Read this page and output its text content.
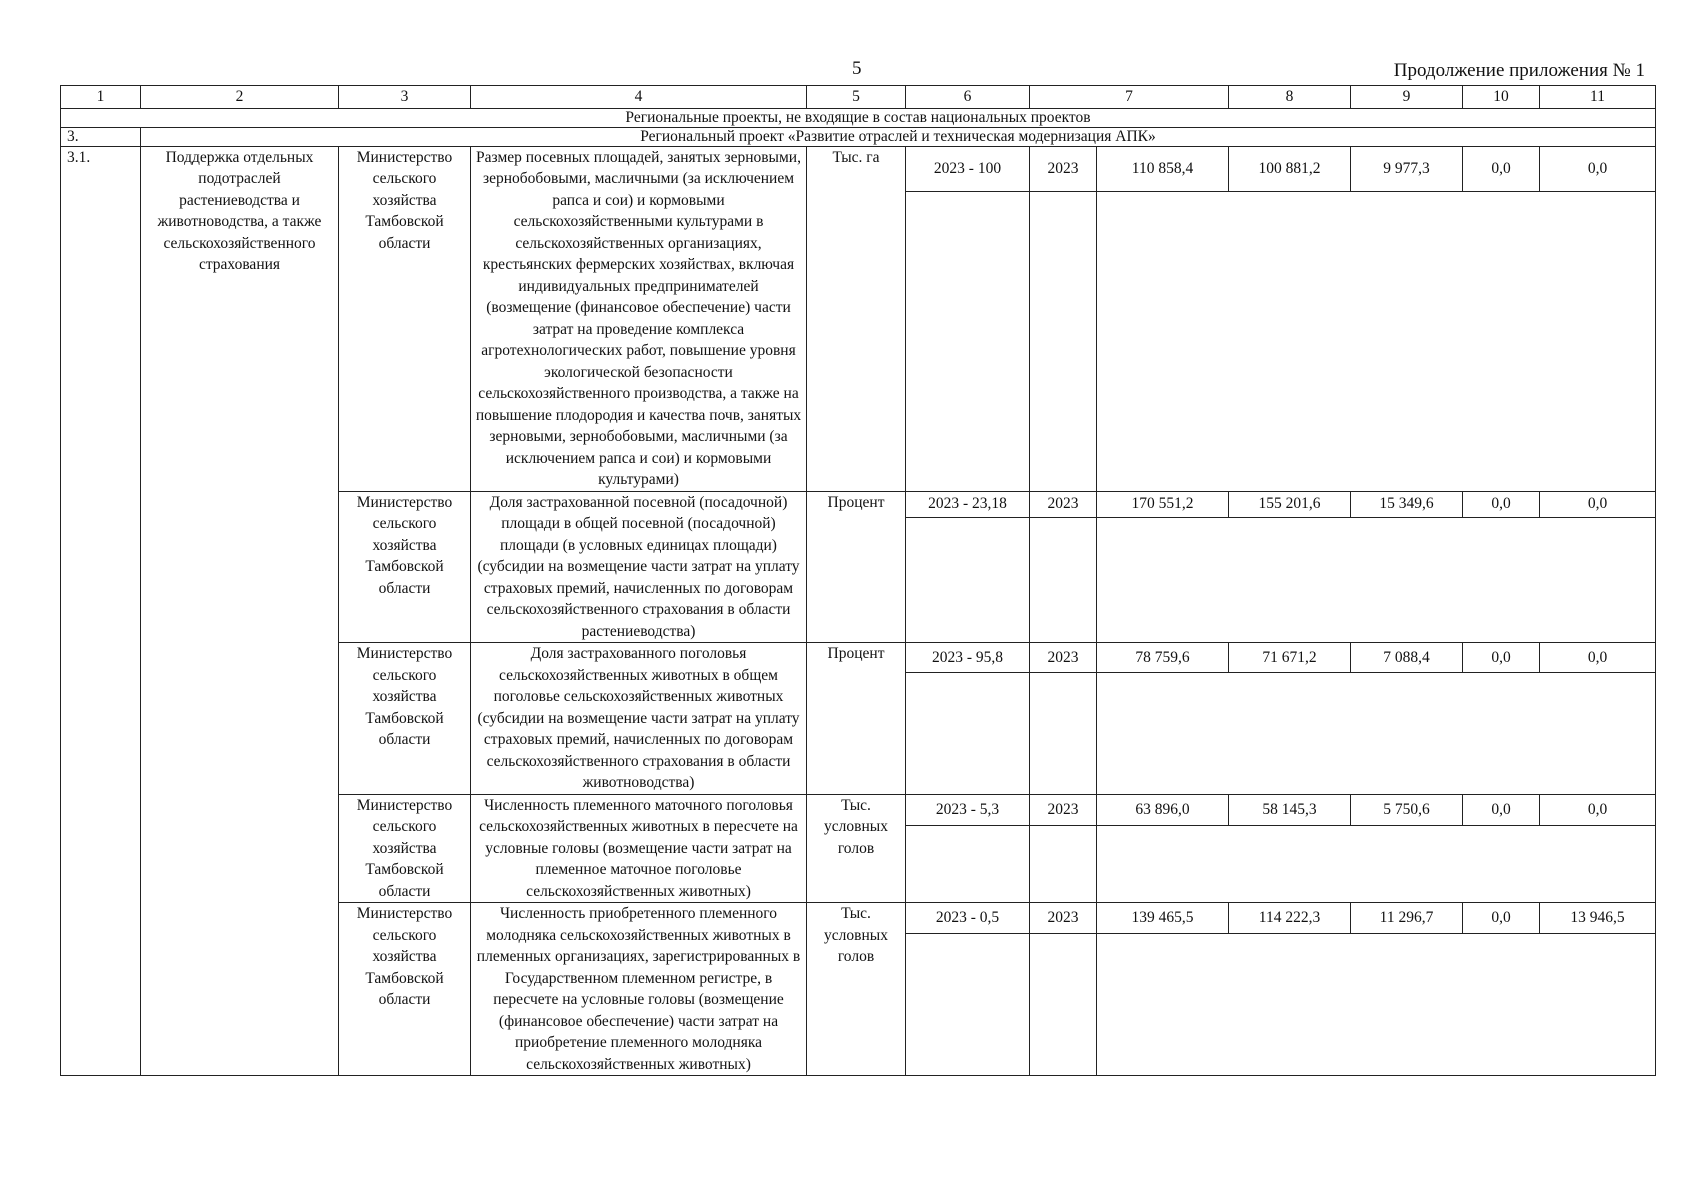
5	Продолжение приложения № 1
1	2	3	4	5	6	7		8	9	10	11
Региональные проекты, не входящие в состав национальных проектов											
3.	Региональный проект «Развитие отраслей и техническая модернизация АПК»										
3.1.	Поддержка отдельных подотраслей растениеводства и животноводства, а также сельскохозяйственного страхования	Министерство сельского хозяйства Тамбовской области	Размер посевных площадей, занятых зерновыми, зернобобовыми, масличными (за исключением рапса и сои) и кормовыми сельскохозяйственными культурами в сельскохозяйственных организациях, крестьянских фермерских хозяйствах, включая индивидуальных предпринимателей (возмещение (финансовое обеспечение) части затрат на проведение комплекса агротехнологических работ, повышение уровня экологической безопасности сельскохозяйственного производства, а также на повышение плодородия и качества почв, занятых зерновыми, зернобобовыми, масличными (за исключением рапса и сои) и кормовыми культурами)	Тыс. га	2023 - 100	2023	110 858,4	100 881,2	9 977,3	0,0	0,0

		Министерство сельского хозяйства Тамбовской области	Доля застрахованной посевной (посадочной) площади в общей посевной (посадочной) площади (в условных единицах площади) (субсидии на возмещение части затрат на уплату страховых премий, начисленных по договорам сельскохозяйственного страхования в области растениеводства)	Процент	2023 - 23,18	2023	170 551,2	155 201,6	15 349,6	0,0	0,0

		Министерство сельского хозяйства Тамбовской области	Доля застрахованного поголовья сельскохозяйственных животных в общем поголовье сельскохозяйственных животных (субсидии на возмещение части затрат на уплату страховых премий, начисленных по договорам сельскохозяйственного страхования в области животноводства)	Процент	2023 - 95,8	2023	78 759,6	71 671,2	7 088,4	0,0	0,0

		Министерство сельского хозяйства Тамбовской области	Численность племенного маточного поголовья сельскохозяйственных животных в пересчете на условные головы (возмещение части затрат на племенное маточное поголовье сельскохозяйственных животных)	Тыс. условных голов	2023 - 5,3	2023	63 896,0	58 145,3	5 750,6	0,0	0,0

		Министерство сельского хозяйства Тамбовской области	Численность приобретенного племенного молодняка сельскохозяйственных животных в племенных организациях, зарегистрированных в Государственном племенном регистре, в пересчете на условные головы (возмещение (финансовое обеспечение) части затрат на приобретение племенного молодняка сельскохозяйственных животных)	Тыс. условных голов	2023 - 0,5	2023	139 465,5	114 222,3	11 296,7	0,0	13 946,5
